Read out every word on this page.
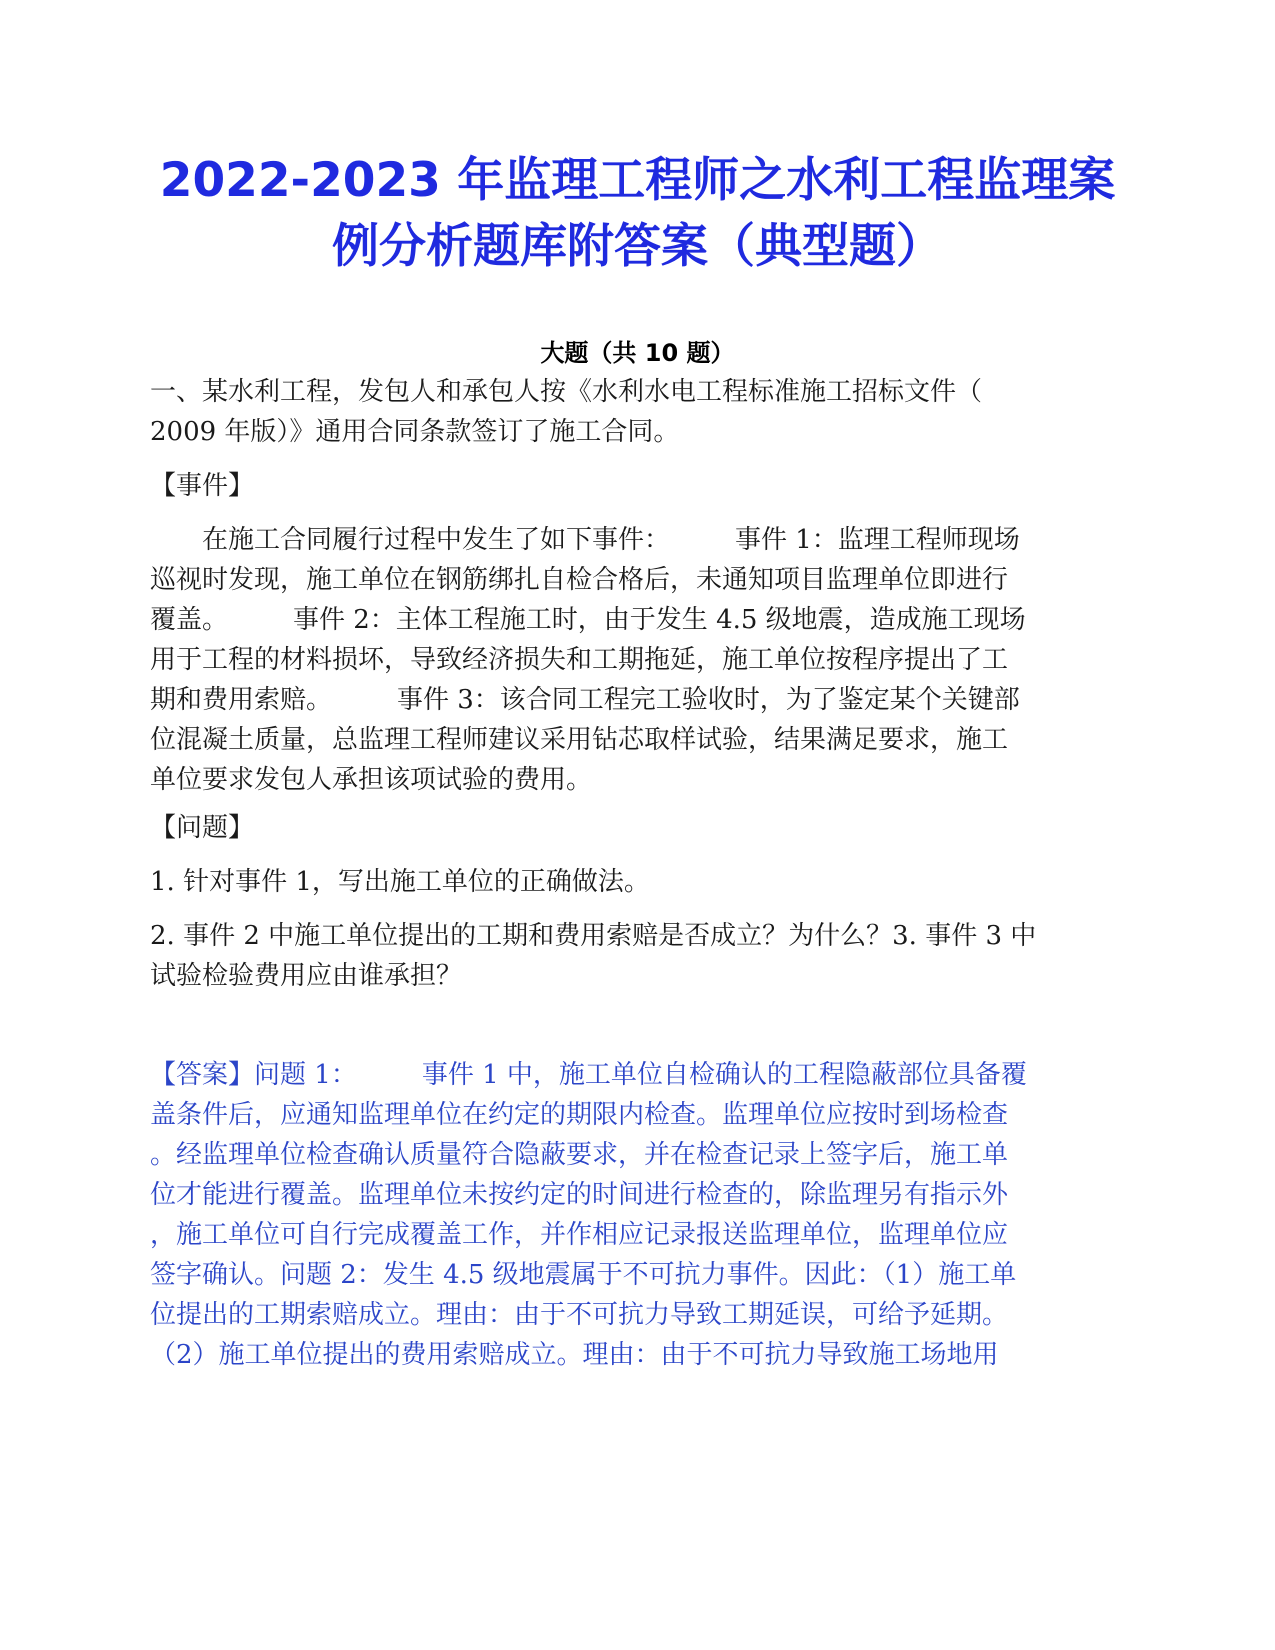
2022-2023 年监理工程师之水利工程监理案
例分析题库附答案（典型题）
大题（共 10 题）

一、某水利工程，发包人和承包人按《水利水电工程标准施工招标文件（
2009 年版）》通用合同条款签订了施工合同。

【事件】

　　在施工合同履行过程中发生了如下事件：　　　事件 1：监理工程师现场
巡视时发现，施工单位在钢筋绑扎自检合格后，未通知项目监理单位即进行
覆盖。　　　事件 2：主体工程施工时，由于发生 4.5 级地震，造成施工现场
用于工程的材料损坏，导致经济损失和工期拖延，施工单位按程序提出了工
期和费用索赔。　　　事件 3：该合同工程完工验收时，为了鉴定某个关键部
位混凝土质量，总监理工程师建议采用钻芯取样试验，结果满足要求，施工
单位要求发包人承担该项试验的费用。

【问题】

1. 针对事件 1，写出施工单位的正确做法。

2. 事件 2 中施工单位提出的工期和费用索赔是否成立？为什么？3. 事件 3 中
试验检验费用应由谁承担？

【答案】问题 1：　　　事件 1 中，施工单位自检确认的工程隐蔽部位具备覆
盖条件后，应通知监理单位在约定的期限内检查。监理单位应按时到场检查
。经监理单位检查确认质量符合隐蔽要求，并在检查记录上签字后，施工单
位才能进行覆盖。监理单位未按约定的时间进行检查的，除监理另有指示外
，施工单位可自行完成覆盖工作，并作相应记录报送监理单位，监理单位应
签字确认。问题 2：发生 4.5 级地震属于不可抗力事件。因此：（1）施工单
位提出的工期索赔成立。理由：由于不可抗力导致工期延误，可给予延期。
（2）施工单位提出的费用索赔成立。理由：由于不可抗力导致施工场地用
